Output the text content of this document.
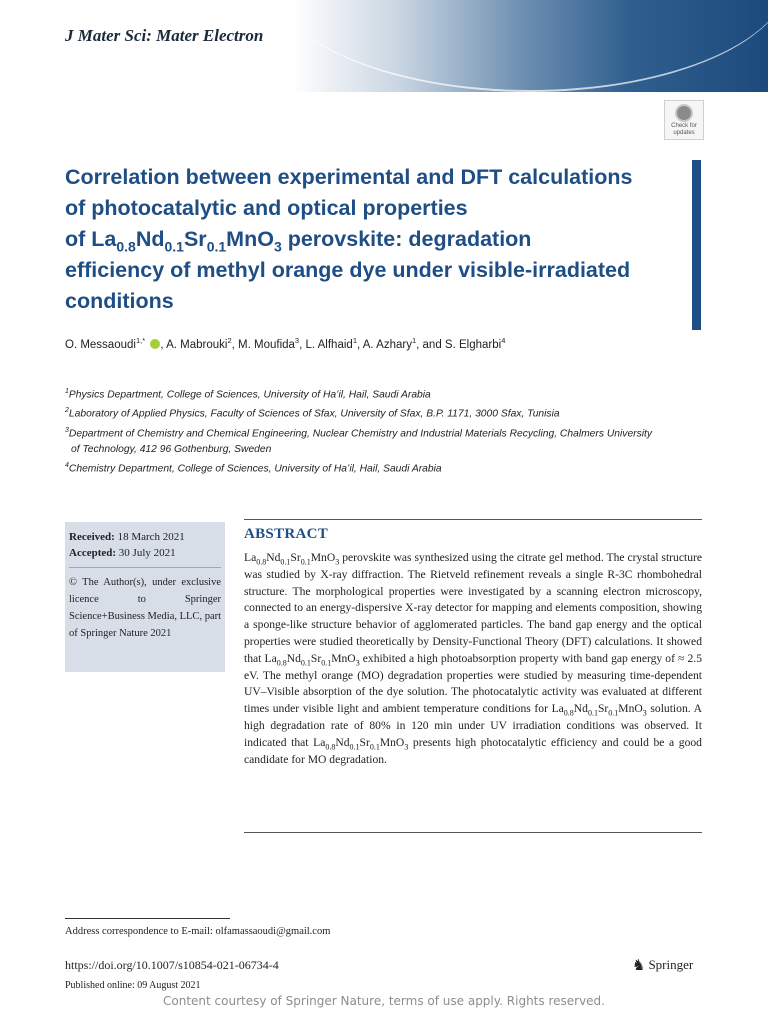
J Mater Sci: Mater Electron
Check for
updates
Correlation between experimental and DFT calculations
of photocatalytic and optical properties
of $La_{0.8}Nd_{0.1}Sr_{0.1}MnO_3$ perovskite: degradation
efficiency of methyl orange dye under visible-irradiated
conditions
O. Messaoudi$^{1,*}$ , A. Mabrouki$^2$, M. Moufida$^3$, L. Alfhaid$^1$, A. Azhary$^1$, and S. Elgharbi$^4$

$^1$Physics Department, College of Sciences, University of Ha’il, Hail, Saudi Arabia

$^2$Laboratory of Applied Physics, Faculty of Sciences of Sfax, University of Sfax, B.P. 1171, 3000 Sfax, Tunisia

$^3$Department of Chemistry and Chemical Engineering, Nuclear Chemistry and Industrial Materials Recycling, Chalmers University

of Technology, 412 96 Gothenburg, Sweden

$^4$Chemistry Department, College of Sciences, University of Ha’il, Hail, Saudi Arabia

Received: 18 March 2021

Accepted: 30 July 2021

© The Author(s), under exclusive licence to Springer Science+Business Media, LLC, part of Springer Nature 2021
ABSTRACT
$La_{0.8}Nd_{0.1}Sr_{0.1}MnO_3$ perovskite was synthesized using the citrate gel method. The crystal structure was studied by X-ray diffraction. The Rietveld refinement reveals a single R-3C rhombohedral structure. The morphological properties were investigated by a scanning electron microscopy, connected to an energy-dispersive X-ray detector for mapping and elements composition, showing a sponge-like structure behavior of agglomerated particles. The band gap energy and the optical properties were studied theoretically by Density-Functional Theory (DFT) calculations. It showed that $La_{0.8}Nd_{0.1}Sr_{0.1}MnO_3$ exhibited a high photoabsorption property with band gap energy of ≈ 2.5 eV. The methyl orange (MO) degradation properties were studied by measuring time-dependent UV–Visible absorption of the dye solution. The photocatalytic activity was evaluated at different times under visible light and ambient temperature conditions for $La_{0.8}Nd_{0.1}Sr_{0.1}MnO_3$ solution. A high degradation rate of 80% in 120 min under UV irradiation conditions was observed. It indicated that $La_{0.8}Nd_{0.1}Sr_{0.1}MnO_3$ presents high photocatalytic efficiency and could be a good candidate for MO degradation.
Address correspondence to E-mail: olfamassaoudi@gmail.com
https://doi.org/10.1007/s10854-021-06734-4
Published online: 09 August 2021
♞ Springer
Content courtesy of Springer Nature, terms of use apply. Rights reserved.
